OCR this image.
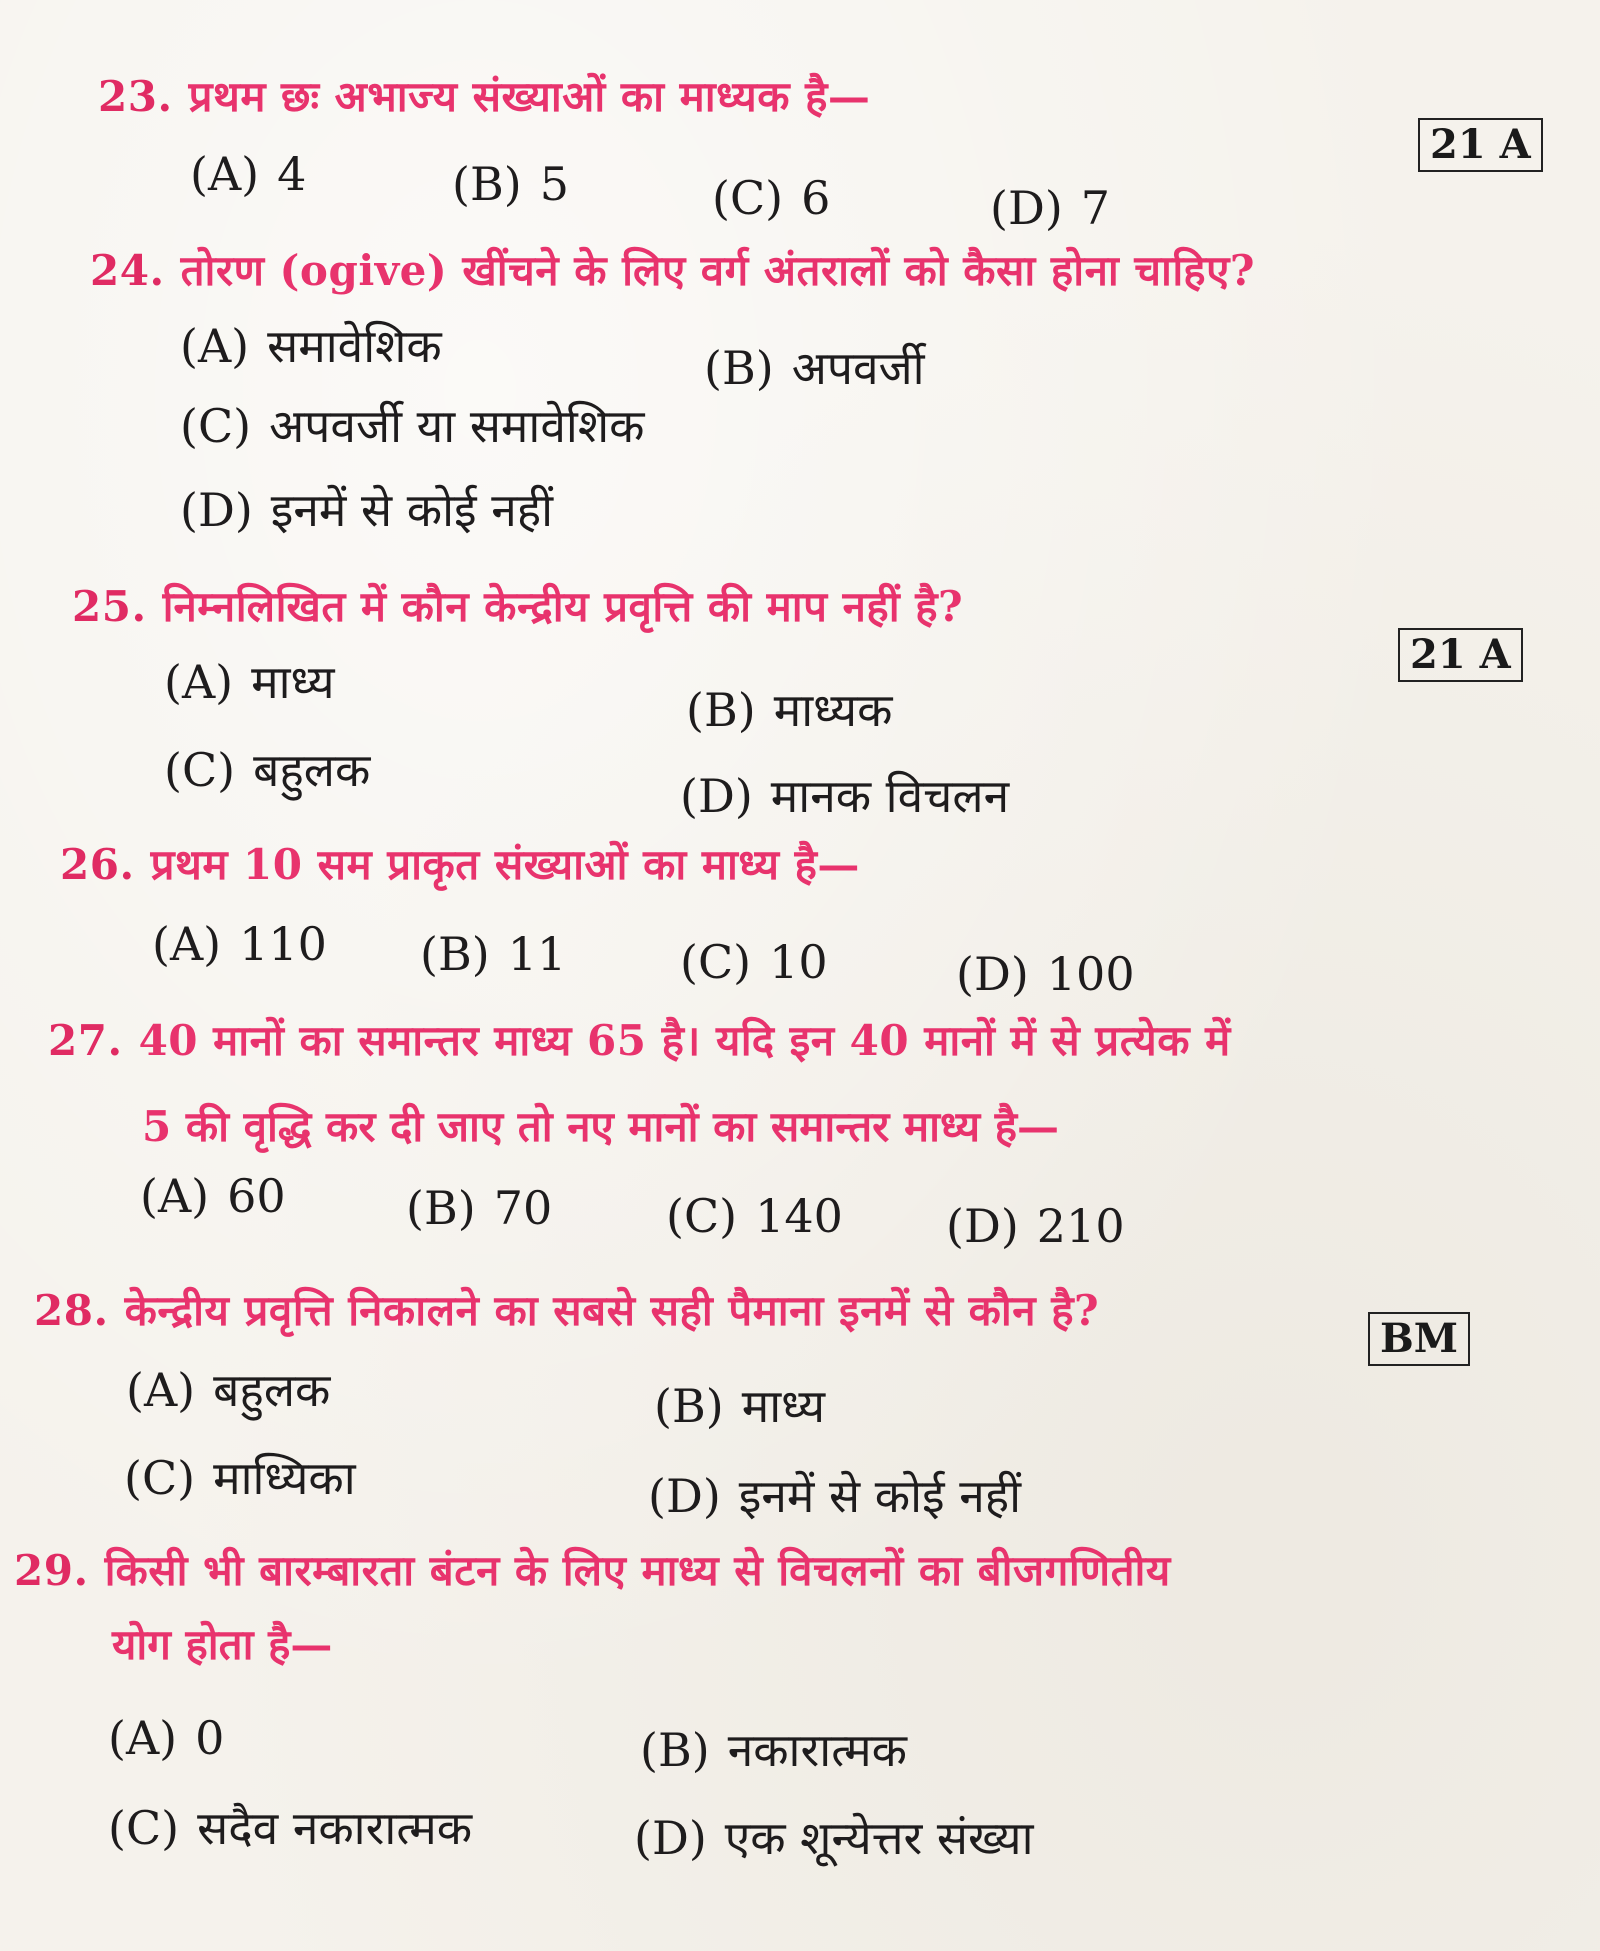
23. प्रथम छः अभाज्य संख्याओं का माध्यक है—
21 A
(A) 4	(B) 5	(C) 6	(D) 7
24. तोरण (ogive) खींचने के लिए वर्ग अंतरालों को कैसा होना चाहिए?
(A) समावेशिक	(B) अपवर्जी
(C) अपवर्जी या समावेशिक
(D) इनमें से कोई नहीं
25. निम्नलिखित में कौन केन्द्रीय प्रवृत्ति की माप नहीं है?
21 A
(A) माध्य
(B) माध्यक
(C) बहुलक	(D) मानक विचलन
26. प्रथम 10 सम प्राकृत संख्याओं का माध्य है—
(A) 110 (B) 11 (C) 10	(D) 100
27. 40 मानों का समान्तर माध्य 65 है। यदि इन 40 मानों में से प्रत्येक में
5 की वृद्धि कर दी जाए तो नए मानों का समान्तर माध्य है—
(A) 60	(B) 70 (C) 140 (D) 210
28. केन्द्रीय प्रवृत्ति निकालने का सबसे सही पैमाना इनमें से कौन है?
BM
(A) बहुलक	(B) माध्य
(C) माध्यिका	(D) इनमें से कोई नहीं
29. किसी भी बारम्बारता बंटन के लिए माध्य से विचलनों का बीजगणितीय
योग होता है—
(A) 0	(B) नकारात्मक
(C) सदैव नकारात्मक	(D) एक शून्येत्तर संख्या
